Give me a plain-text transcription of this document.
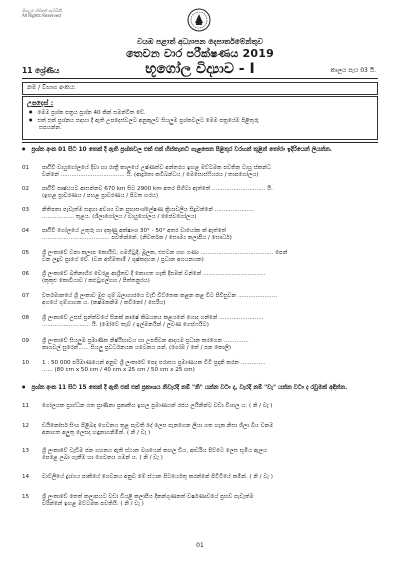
සියලුම හිමිකම් ඇවිරිණි.
All Rights Reserved
වයඹ පළාත් අධ්‍යාපන දෙපාර්තමේන්තුව
තෙවන වාර පරීක්ෂණය 2019
11 ශ්‍රේණිය	භූගෝල විද්‍යාව - I	කාලය පැය 03 යි.
නම / විභාග අංකය:
උපදෙස් :
● මෙම ප්‍රශ්න පත්‍රය ප්‍රශ්න 40 කින් සමන්විත වේ.
● එක් එක් ප්‍රශ්නය සඳහා දී ඇති උපදෙස්වලට අනුකූලව සියලුම ප්‍රශ්නවලට මෙම පත්‍රයේම පිළිතුරු
සපයන්න.
● ප්‍රශ්න අංක 01 සිට 10 තෙක් දී ඇති ප්‍රශ්නවල එක් එක් හිස්තැනට ගැළපෙන පිළිතුර වරහන් තුළින් තෝරා ඉදිරියෙන් ලියන්න.
01	පෘථිවි වායුගෝලයේ දිවා හා රාත්‍රී කාලයේ උෂ්ණත්ව අන්තරය ඉහළ මට්ටමක පවතින වායු ස්කන්ධ
වන්නේ .................................... යි. (ආර්ද්‍රතා කටිබන්ධය / මෙසොස්ෆියරය / තාපගෝලය)
02	පෘථිවි පෘෂ්ඨයට ආසන්නව 670 km සිට 2900 km අතර පිහිටා ඇත්තේ .............................. යි.
(ඉහළ ප්‍රාවරණය / පහළ ප්‍රාවරණය / පිටත හරය)
03	නිතිපතා පැවැත්ම සඳහා අවශ්‍ය වන ප්‍රභාසංශ්ලේෂණ ක්‍රියාවලිය සිදුවන්නේ ......................
.................. තුළය. (ශිලාගෝලය / වායුගෝලය / ජෛවගෝලය)
04	පෘථිවි ගෝලයේ උතුරු හා දකුණු අක්ෂාංශ 30° - 50° අතර වායෝක ක් ඇත්තේ
...................................... පවතින්නේ. (නිවර්තන / සෞම්‍ය කලාපීය / සෞර්ධ)
05	ශ්‍රී ලංකාවේ වනා කලාප කොයිඩ, ගමගිටුදී, මූලක, එළුවන ගඟ ගණා ......................................... පෙන්
වන ලදුව ප්‍රාගේ වේ. (වන අභිමතාමි / ශුෂ්කදහන / ප්‍රධාන අගයනයක)
06	ශ්‍රී ලංකාවේ බතිනාහිර වෙරළ ආශ්‍රිතව දී නොගත හැකි දීපමක් වන්නේ ...................................
(කුකුළු කොවියාව / කළුටුගල්ගහ / පිත්තනුරය)
07	වර්තමානයේ ශ්‍රී ලංකාව මුළු ගුම් බලාගාරයෙ වැඩි විට්තෙක කළන කළ වීට පිවිසුවන ......................
අගයේ ගුම්ගාගක ය. (කෂ්මකනිම / කවිනෝ / සෙරීය)
08	ශ්‍රී ලංකාවේ උසස් ප්‍රන්ත්වයේ සිනක් නෘෂේ කිඛයනය කළයනේ ගොද ගන්නේ .........................
........................... යි. (මෝටේ තැබ් / ඉල්මනයින් / ලවණ ගෙස්ෆයිට)
09	ශ්‍රී ලංකාවේ සියලුම ප්‍රමාණික නිෂ්ඨිභාවය හා උපජීවන ආදායම ප්‍රධාන කරගෙන ..............
කාගවල් සුරෙන්...... සියලු ප්‍රවර්ධනයක යටෙනය පන්. (ගෝඹ / තේ / පන කොලි)
10	1 : 50 000 පරිමාණයෙන් අනුව ශ්‍රී ලංකාවේ පෙද පරාසය ප්‍රමාණයක විටි ප්‍රදානි කරන ..............
...... (80 cm x 50 cm / 40 cm x 25 cm / 50 cm x 25 cm)
● ප්‍රශ්න අංක 11 සිට 15 තෙක් දී ඇති එක් එක් ප්‍රකාශය නිවැරදි නම් "නි" යන්න වටා ද, වැරදි නම් "වැ" යන්න වටා ද රවුමක් අඳින්න.
11	ගෝලයක ප්‍රාග්ධන ගත ප්‍රාණිනා ප්‍රකෘතිය ඉහල ප්‍රමාණයන් රජය ලයිනින්ට වඩා විශාල ය. ( නි / වැ )
12	ඩයිනෝසර් සිංහ පිළිබඳ ගෙවනය තුළ පැවති දේ ලෙස පැනගෙන ලියා ගත හැක නිසා ශිලා බිය වනම
අනාගත අලුතු ලෙසද හඳුනාගනිමින්. ( නි / වැ )
13	ශ්‍රී ලංකාවේ වැඩිම ජන ගහනය ඇති ස්ථාන වශයෙන් කහල ඩිය, ආර්ඩිය පිට්ටෙ ලෙස භූමිය ඇලය
පෙළෙ ලබා ගැනීම හා ගෙවනය ගමන් ය. ( නි / වැ )
14	වාට්ලියේ දුශ්ගය පාකියේ ගෙවනය අනුව මේ ස්ථාන පිටර්යෙතු කරන්නේ පිටිටියේ කමින්. ( නි / වැ )
15	ශ්‍රී ලංකාවේ තෙත් කලාපයට වඩා වියළි කලාපීය දිකන්ගුණනත් වර්ෂණාවයේ ප්‍රභව පැවැත්ම
වරින්නේ ඉහළ මට්ටමක පවතියි. ( නි / වැ )
01
